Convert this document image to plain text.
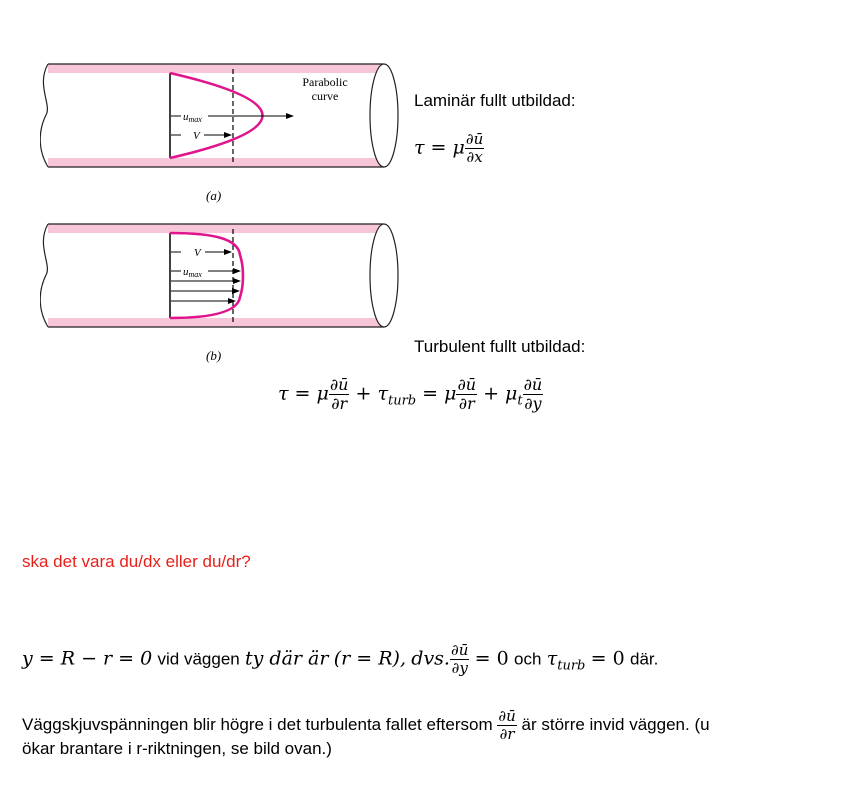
Parabolic
curve
umax
V
(a)
V
umax
(b)
Laminär fullt utbildad:
τ = μ $\frac{\partial ū}{\partial x}$
Turbulent fullt utbildad:
τ = μ $\frac{\partial ū}{\partial r} + \tau_{turb} = \mu \frac{\partial ū}{\partial r} + \mu_t \frac{\partial ū}{\partial y}$
ska det vara du/dx eller du/dr?
y = R − r = 0 vid väggen ty där är (r = R), dvs. $\frac{\partial ū}{\partial y} = 0$ och $\tau_{turb} = 0$ där.
Väggskjuvspänningen blir högre i det turbulenta fallet eftersom $\frac{\partial ū}{\partial r}$ är större invid väggen. (u
ökar brantare i r-riktningen, se bild ovan.)
